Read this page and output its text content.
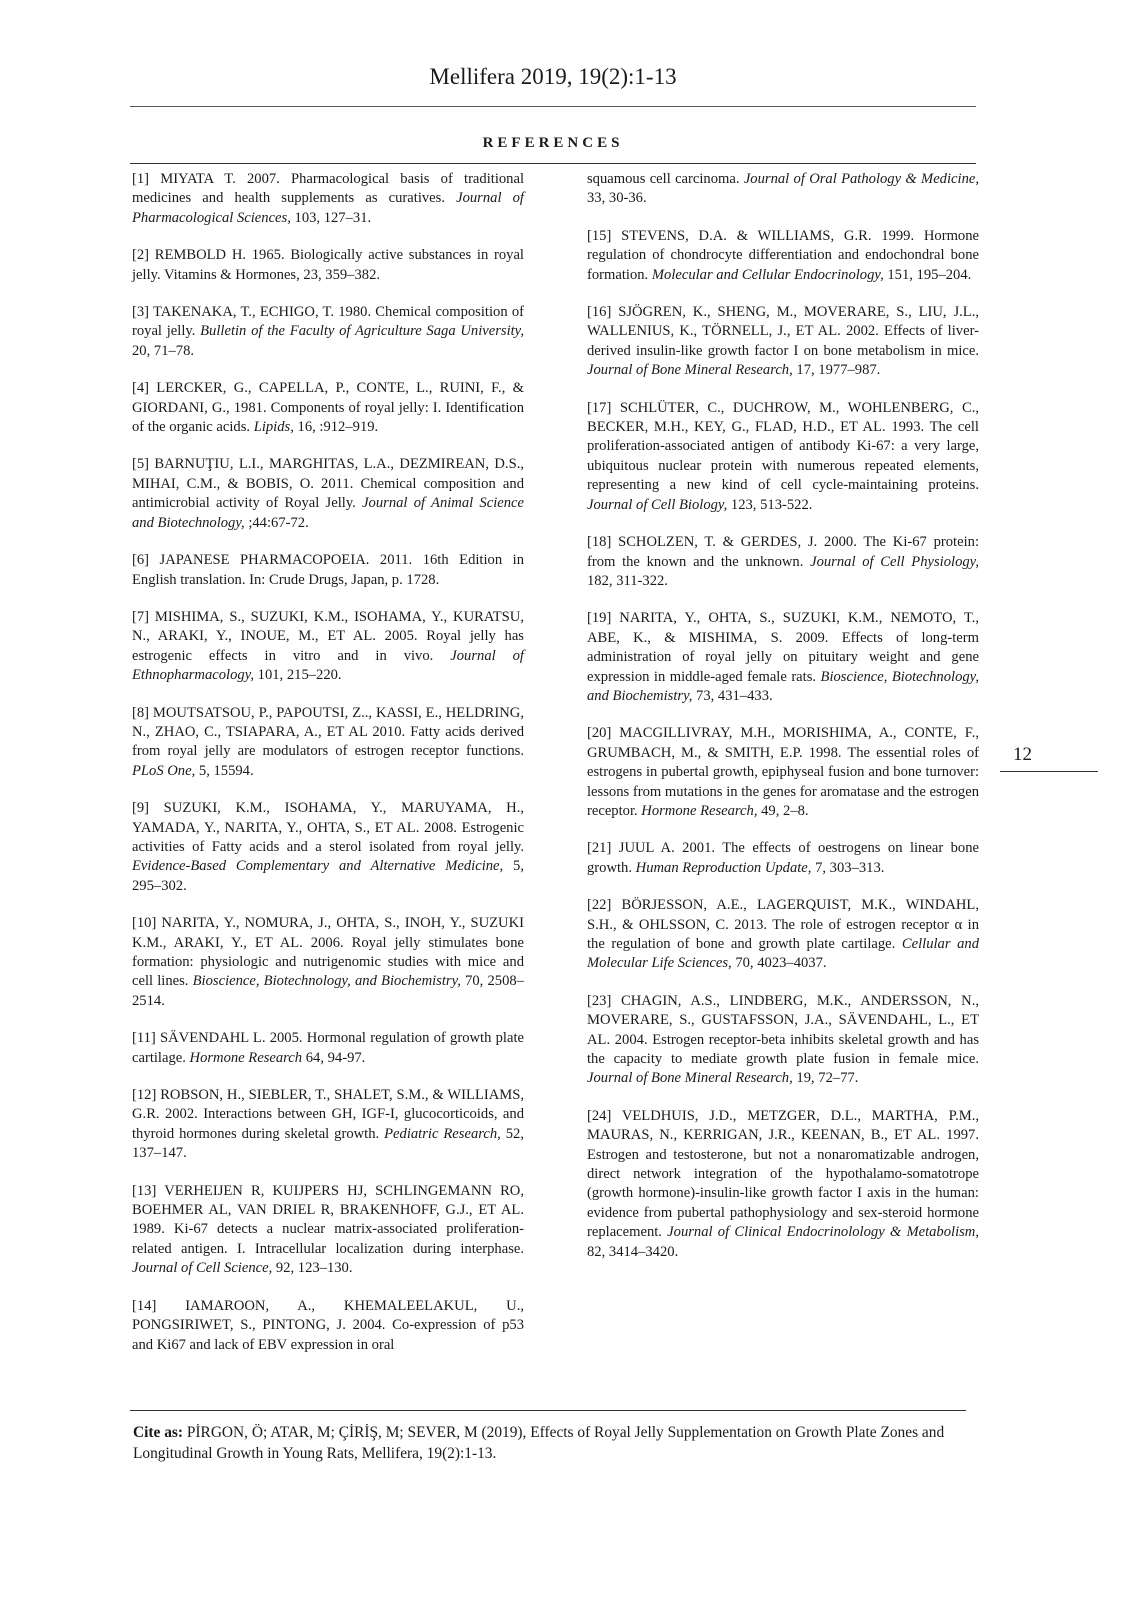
Mellifera 2019, 19(2):1-13
REFERENCES

[1] MIYATA T. 2007. Pharmacological basis of traditional medicines and health supplements as curatives. Journal of Pharmacological Sciences, 103, 127–31.

[2] REMBOLD H. 1965. Biologically active substances in royal jelly. Vitamins & Hormones, 23, 359–382.

[3] TAKENAKA, T., ECHIGO, T. 1980. Chemical composition of royal jelly. Bulletin of the Faculty of Agriculture Saga University, 20, 71–78.

[4] LERCKER, G., CAPELLA, P., CONTE, L., RUINI, F., & GIORDANI, G., 1981. Components of royal jelly: I. Identification of the organic acids. Lipids, 16, :912–919.

[5] BARNUŢIU, L.I., MARGHITAS, L.A., DEZMIREAN, D.S., MIHAI, C.M., & BOBIS, O. 2011. Chemical composition and antimicrobial activity of Royal Jelly. Journal of Animal Science and Biotechnology, ;44:67-72.

[6] JAPANESE PHARMACOPOEIA. 2011. 16th Edition in English translation. In: Crude Drugs, Japan, p. 1728.

[7] MISHIMA, S., SUZUKI, K.M., ISOHAMA, Y., KURATSU, N., ARAKI, Y., INOUE, M., ET AL. 2005. Royal jelly has estrogenic effects in vitro and in vivo. Journal of Ethnopharmacology, 101, 215–220.

[8] MOUTSATSOU, P., PAPOUTSI, Z.., KASSI, E., HELDRING, N., ZHAO, C., TSIAPARA, A., ET AL 2010. Fatty acids derived from royal jelly are modulators of estrogen receptor functions. PLoS One, 5, 15594.

[9] SUZUKI, K.M., ISOHAMA, Y., MARUYAMA, H., YAMADA, Y., NARITA, Y., OHTA, S., ET AL. 2008. Estrogenic activities of Fatty acids and a sterol isolated from royal jelly. Evidence-Based Complementary and Alternative Medicine, 5, 295–302.

[10] NARITA, Y., NOMURA, J., OHTA, S., INOH, Y., SUZUKI K.M., ARAKI, Y., ET AL. 2006. Royal jelly stimulates bone formation: physiologic and nutrigenomic studies with mice and cell lines. Bioscience, Biotechnology, and Biochemistry, 70, 2508–2514.

[11] SÄVENDAHL L. 2005. Hormonal regulation of growth plate cartilage. Hormone Research 64, 94-97.

[12] ROBSON, H., SIEBLER, T., SHALET, S.M., & WILLIAMS, G.R. 2002. Interactions between GH, IGF-I, glucocorticoids, and thyroid hormones during skeletal growth. Pediatric Research, 52, 137–147.

[13] VERHEIJEN R, KUIJPERS HJ, SCHLINGEMANN RO, BOEHMER AL, VAN DRIEL R, BRAKENHOFF, G.J., ET AL. 1989. Ki-67 detects a nuclear matrix-associated proliferation-related antigen. I. Intracellular localization during interphase. Journal of Cell Science, 92, 123–130.

[14] IAMAROON, A., KHEMALEELAKUL, U., PONGSIRIWET, S., PINTONG, J. 2004. Co-expression of p53 and Ki67 and lack of EBV expression in oral

squamous cell carcinoma. Journal of Oral Pathology & Medicine, 33, 30-36.

[15] STEVENS, D.A. & WILLIAMS, G.R. 1999. Hormone regulation of chondrocyte differentiation and endochondral bone formation. Molecular and Cellular Endocrinology, 151, 195–204.

[16] SJÖGREN, K., SHENG, M., MOVERARE, S., LIU, J.L., WALLENIUS, K., TÖRNELL, J., ET AL. 2002. Effects of liver-derived insulin-like growth factor I on bone metabolism in mice. Journal of Bone Mineral Research, 17, 1977–987.

[17] SCHLÜTER, C., DUCHROW, M., WOHLENBERG, C., BECKER, M.H., KEY, G., FLAD, H.D., ET AL. 1993. The cell proliferation-associated antigen of antibody Ki-67: a very large, ubiquitous nuclear protein with numerous repeated elements, representing a new kind of cell cycle-maintaining proteins. Journal of Cell Biology, 123, 513-522.

[18] SCHOLZEN, T. & GERDES, J. 2000. The Ki-67 protein: from the known and the unknown. Journal of Cell Physiology, 182, 311-322.

[19] NARITA, Y., OHTA, S., SUZUKI, K.M., NEMOTO, T., ABE, K., & MISHIMA, S. 2009. Effects of long-term administration of royal jelly on pituitary weight and gene expression in middle-aged female rats. Bioscience, Biotechnology, and Biochemistry, 73, 431–433.

[20] MACGILLIVRAY, M.H., MORISHIMA, A., CONTE, F., GRUMBACH, M., & SMITH, E.P. 1998. The essential roles of estrogens in pubertal growth, epiphyseal fusion and bone turnover: lessons from mutations in the genes for aromatase and the estrogen receptor. Hormone Research, 49, 2–8.

[21] JUUL A. 2001. The effects of oestrogens on linear bone growth. Human Reproduction Update, 7, 303–313.

[22] BÖRJESSON, A.E., LAGERQUIST, M.K., WINDAHL, S.H., & OHLSSON, C. 2013. The role of estrogen receptor α in the regulation of bone and growth plate cartilage. Cellular and Molecular Life Sciences, 70, 4023–4037.

[23] CHAGIN, A.S., LINDBERG, M.K., ANDERSSON, N., MOVERARE, S., GUSTAFSSON, J.A., SÄVENDAHL, L., ET AL. 2004. Estrogen receptor-beta inhibits skeletal growth and has the capacity to mediate growth plate fusion in female mice. Journal of Bone Mineral Research, 19, 72–77.

[24] VELDHUIS, J.D., METZGER, D.L., MARTHA, P.M., MAURAS, N., KERRIGAN, J.R., KEENAN, B., ET AL. 1997. Estrogen and testosterone, but not a nonaromatizable androgen, direct network integration of the hypothalamo-somatotrope (growth hormone)-insulin-like growth factor I axis in the human: evidence from pubertal pathophysiology and sex-steroid hormone replacement. Journal of Clinical Endocrinolology & Metabolism, 82, 3414–3420.

12
Cite as: PİRGON, Ö; ATAR, M; ÇİRİŞ, M; SEVER, M (2019), Effects of Royal Jelly Supplementation on Growth Plate Zones and Longitudinal Growth in Young Rats, Mellifera, 19(2):1-13.
